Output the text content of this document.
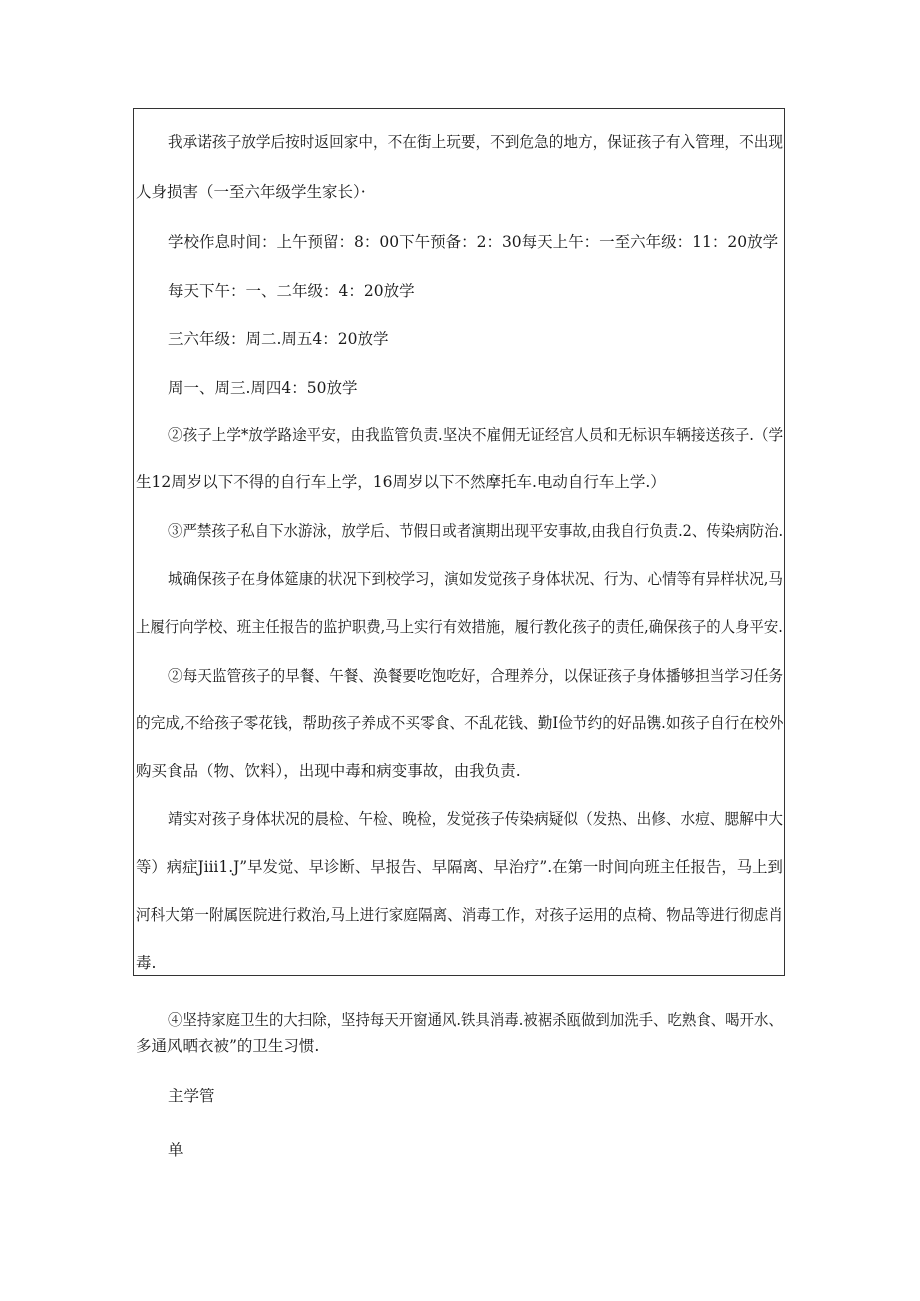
我承诺孩子放学后按时返回家中，不在街上玩要，不到危急的地方，保证孩子有入管理，不出现
人身损害（一至六年级学生家长）·
学校作息时间：上午预留：8：00下午预备：2：30每天上午：一至六年级：11：20放学
每天下午：一、二年级：4：20放学
三六年级：周二.周五4：20放学
周一、周三.周四4：50放学
②孩子上学*放学路途平安，由我监管负责.坚决不雇佣无证经宫人员和无标识车辆接送孩子.（学
生12周岁以下不得的自行车上学，16周岁以下不然摩托车.电动自行车上学.）
③严禁孩子私自下水游泳，放学后、节假日或者演期出现平安事故,由我自行负责.2、传染病防治.
城确保孩子在身体筵康的状况下到校学习，演如发觉孩子身体状况、行为、心情等有异样状况,马
上履行向学校、班主任报告的监护职费,马上实行有效措施，履行教化孩子的责任,确保孩子的人身平安.
②每天监管孩子的早餐、午餐、涣餐要吃饱吃好，合理养分，以保证孩子身体播够担当学习任务
的完成,不给孩子零花钱，帮助孩子养成不买零食、不乱花钱、勤I俭节约的好品镌.如孩子自行在校外
购买食品（物、饮料），出现中毒和病变事故，由我负责.
靖实对孩子身体状况的晨检、午检、晚检，发觉孩子传染病疑似（发热、出修、水痘、腮解中大
等）病症Jiii1.J”早发觉、早诊断、早报告、早隔离、早治疗”.在第一时间向班主任报告，马上到
河科大第一附属医院进行救治,马上进行家庭隔离、消毒工作，对孩子运用的点椅、物品等进行彻虑肖
毒.
④坚持家庭卫生的大扫除，坚持每天开窗通风.铁具消毒.被裾杀瓯做到加洗手、吃熟食、喝开水、
多通风晒衣被”的卫生习惯.
主学管
单
